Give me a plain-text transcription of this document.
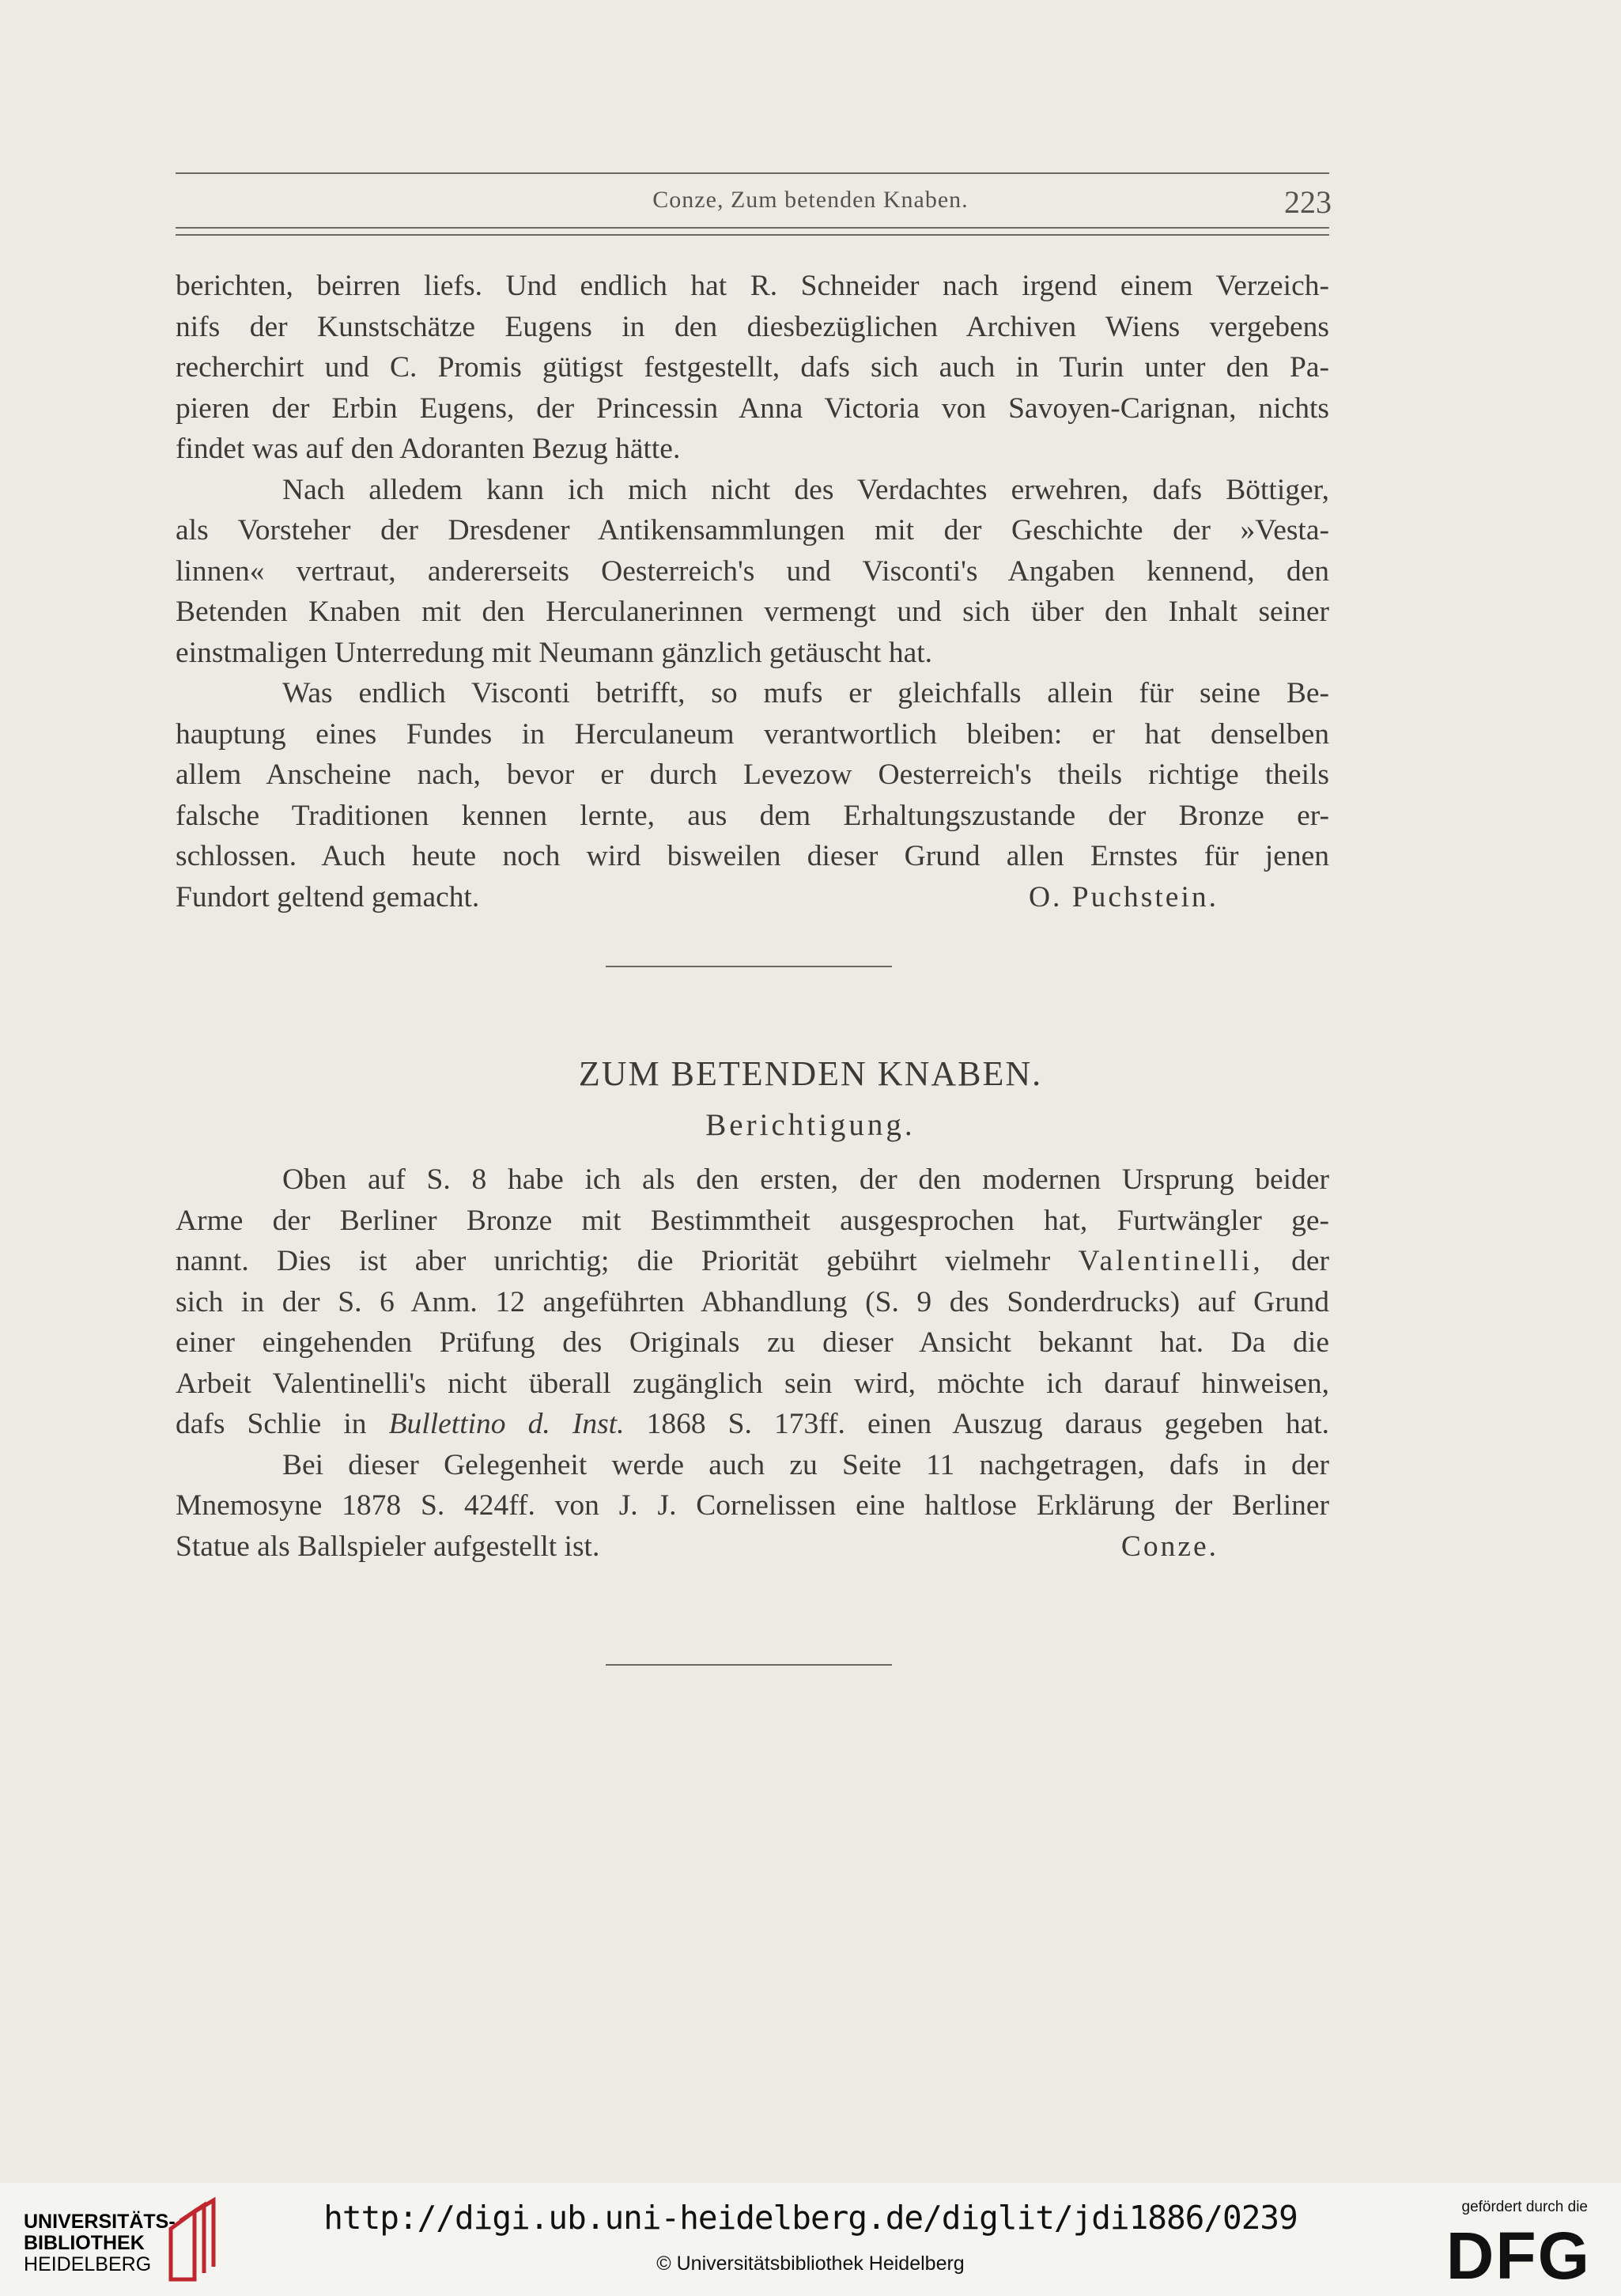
Conze, Zum betenden Knaben.	223
berichten, beirren liefs. Und endlich hat R. Schneider nach irgend einem Verzeich-
nifs der Kunstschätze Eugens in den diesbezüglichen Archiven Wiens vergebens
recherchirt und C. Promis gütigst festgestellt, dafs sich auch in Turin unter den Pa-
pieren der Erbin Eugens, der Princessin Anna Victoria von Savoyen-Carignan, nichts
findet was auf den Adoranten Bezug hätte.
Nach alledem kann ich mich nicht des Verdachtes erwehren, dafs Böttiger,
als Vorsteher der Dresdener Antikensammlungen mit der Geschichte der »Vesta-
linnen« vertraut, andererseits Oesterreich's und Visconti's Angaben kennend, den
Betenden Knaben mit den Herculanerinnen vermengt und sich über den Inhalt seiner
einstmaligen Unterredung mit Neumann gänzlich getäuscht hat.
Was endlich Visconti betrifft, so mufs er gleichfalls allein für seine Be-
hauptung eines Fundes in Herculaneum verantwortlich bleiben: er hat denselben
allem Anscheine nach, bevor er durch Levezow Oesterreich's theils richtige theils
falsche Traditionen kennen lernte, aus dem Erhaltungszustande der Bronze er-
schlossen. Auch heute noch wird bisweilen dieser Grund allen Ernstes für jenen
Fundort geltend gemacht.	O. Puchstein.
ZUM BETENDEN KNABEN.
Berichtigung.
Oben auf S. 8 habe ich als den ersten, der den modernen Ursprung beider
Arme der Berliner Bronze mit Bestimmtheit ausgesprochen hat, Furtwängler ge-
nannt. Dies ist aber unrichtig; die Priorität gebührt vielmehr Valentinelli, der
sich in der S. 6 Anm. 12 angeführten Abhandlung (S. 9 des Sonderdrucks) auf Grund
einer eingehenden Prüfung des Originals zu dieser Ansicht bekannt hat. Da die
Arbeit Valentinelli's nicht überall zugänglich sein wird, möchte ich darauf hinweisen,
dafs Schlie in Bullettino d. Inst. 1868 S. 173ff. einen Auszug daraus gegeben hat.
Bei dieser Gelegenheit werde auch zu Seite 11 nachgetragen, dafs in der
Mnemosyne 1878 S. 424ff. von J. J. Cornelissen eine haltlose Erklärung der Berliner
Statue als Ballspieler aufgestellt ist.	Conze.
UNIVERSITÄTS-
BIBLIOTHEK
HEIDELBERG
http://digi.ub.uni-heidelberg.de/diglit/jdi1886/0239
© Universitätsbibliothek Heidelberg
gefördert durch die
DFG
